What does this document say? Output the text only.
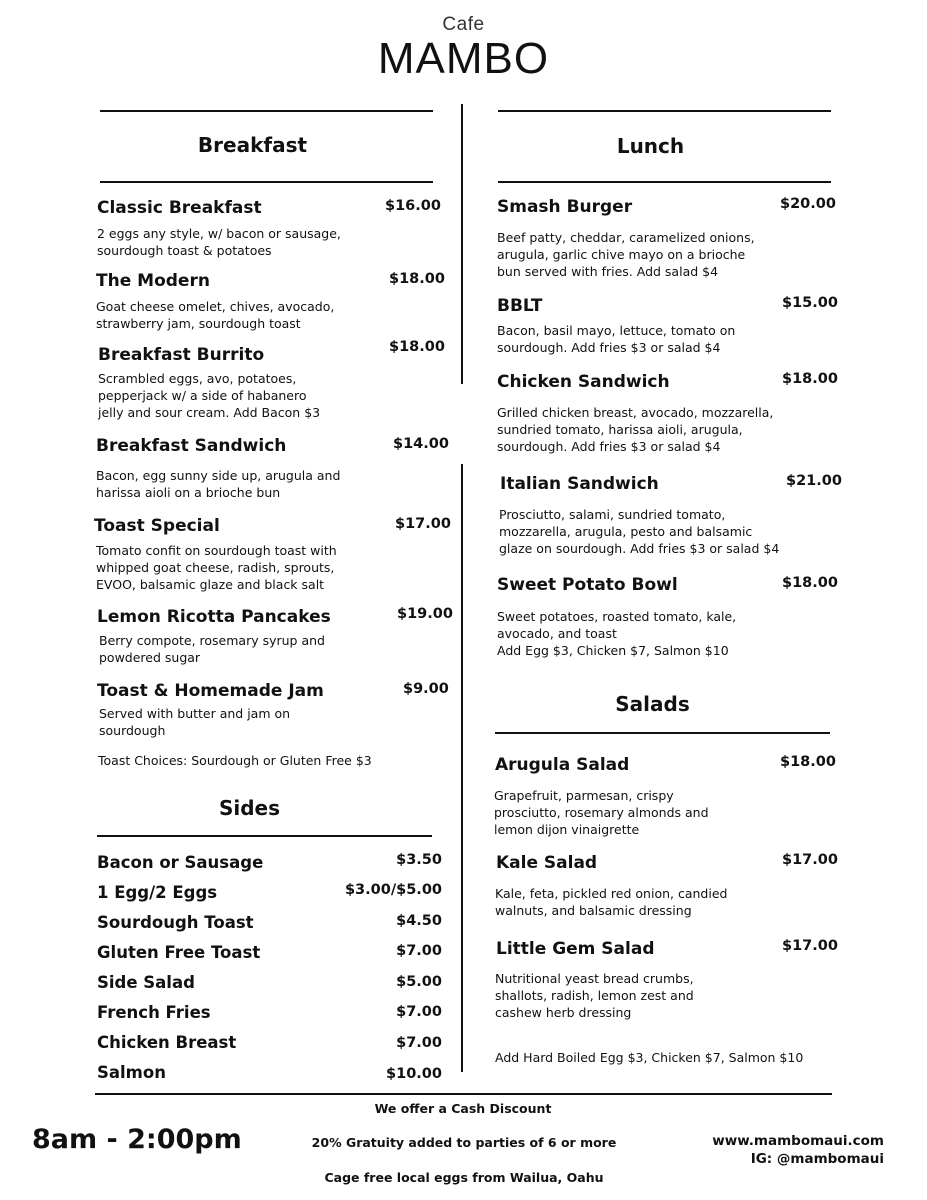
Cafe
MAMBO
Breakfast	Lunch
Sides
Salads
Classic Breakfast	$16.00
2 eggs any style, w/ bacon or sausage,
sourdough toast & potatoes
The Modern	$18.00
Goat cheese omelet, chives, avocado,
strawberry jam, sourdough toast
Breakfast Burrito	$18.00
Scrambled eggs, avo, potatoes,
pepperjack w/ a side of habanero
jelly and sour cream. Add Bacon $3
Breakfast Sandwich	$14.00
Bacon, egg sunny side up, arugula and
harissa aioli on a brioche bun
Toast Special	$17.00
Tomato confit on sourdough toast with
whipped goat cheese, radish, sprouts,
EVOO, balsamic glaze and black salt
Lemon Ricotta Pancakes	$19.00
Berry compote, rosemary syrup and
powdered sugar
Toast & Homemade Jam	$9.00
Served with butter and jam on
sourdough
Toast Choices: Sourdough or Gluten Free $3
Bacon or Sausage	$3.50
1 Egg/2 Eggs	$3.00/$5.00
Sourdough Toast	$4.50
Gluten Free Toast	$7.00
Side Salad	$5.00
French Fries	$7.00
Chicken Breast	$7.00
Salmon	$10.00
Smash Burger	$20.00
Beef patty, cheddar, caramelized onions,
arugula, garlic chive mayo on a brioche
bun served with fries. Add salad $4
BBLT	$15.00
Bacon, basil mayo, lettuce, tomato on
sourdough. Add fries $3 or salad $4
Chicken Sandwich	$18.00
Grilled chicken breast, avocado, mozzarella,
sundried tomato, harissa aioli, arugula,
sourdough. Add fries $3 or salad $4
Italian Sandwich	$21.00
Prosciutto, salami, sundried tomato,
mozzarella, arugula, pesto and balsamic
glaze on sourdough. Add fries $3 or salad $4
Sweet Potato Bowl	$18.00
Sweet potatoes, roasted tomato, kale,
avocado, and toast
Add Egg $3, Chicken $7, Salmon $10
Arugula Salad	$18.00
Grapefruit, parmesan, crispy
prosciutto, rosemary almonds and
lemon dijon vinaigrette
Kale Salad	$17.00
Kale, feta, pickled red onion, candied
walnuts, and balsamic dressing
Little Gem Salad	$17.00
Nutritional yeast bread crumbs,
shallots, radish, lemon zest and
cashew herb dressing
Add Hard Boiled Egg $3, Chicken $7, Salmon $10
We offer a Cash Discount
8am - 2:00pm	20% Gratuity added to parties of 6 or more
Cage free local eggs from Wailua, Oahu
www.mambomaui.com
IG: @mambomaui
